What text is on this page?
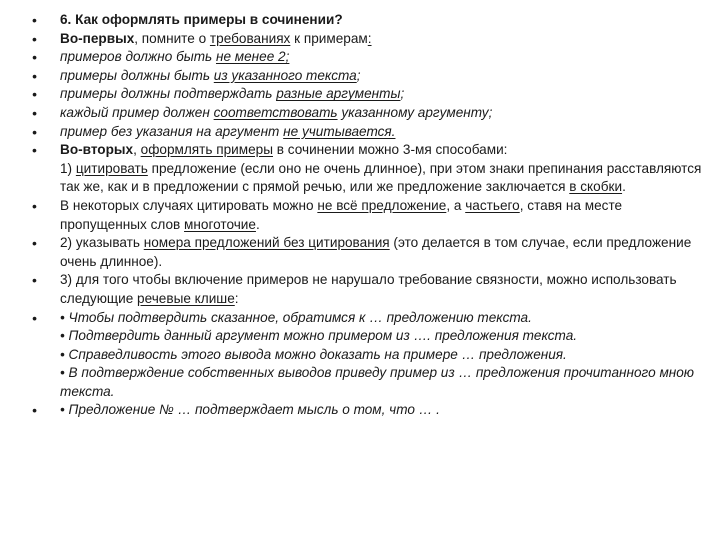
• 6. Как оформлять примеры в сочинении?
• Во-первых, помните о требованиях к примерам:
• примеров должно быть не менее 2;
• примеры должны быть из указанного текста;
• примеры должны подтверждать разные аргументы;
• каждый пример должен соответствовать указанному аргументу;
• пример без указания на аргумент не учитывается.
• Во-вторых, оформлять примеры в сочинении можно 3-мя способами:
1) цитировать предложение (если оно не очень длинное), при этом знаки препинания расставляются так же, как и в предложении с прямой речью, или же предложение заключается в скобки.
• В некоторых случаях цитировать можно не всё предложение, а частьего, ставя на месте пропущенных слов многоточие.
• 2) указывать номера предложений без цитирования (это делается в том случае, если предложение очень длинное).
• 3) для того чтобы включение примеров не нарушало требование связности, можно использовать следующие речевые клише:
• • Чтобы подтвердить сказанное, обратимся к … предложению текста.
• Подтвердить данный аргумент можно примером из …. предложения текста.
• Справедливость этого вывода можно доказать на примере … предложения.
• В подтверждение собственных выводов приведу пример из … предложения прочитанного мною текста.
• • Предложение № … подтверждает мысль о том, что … .
